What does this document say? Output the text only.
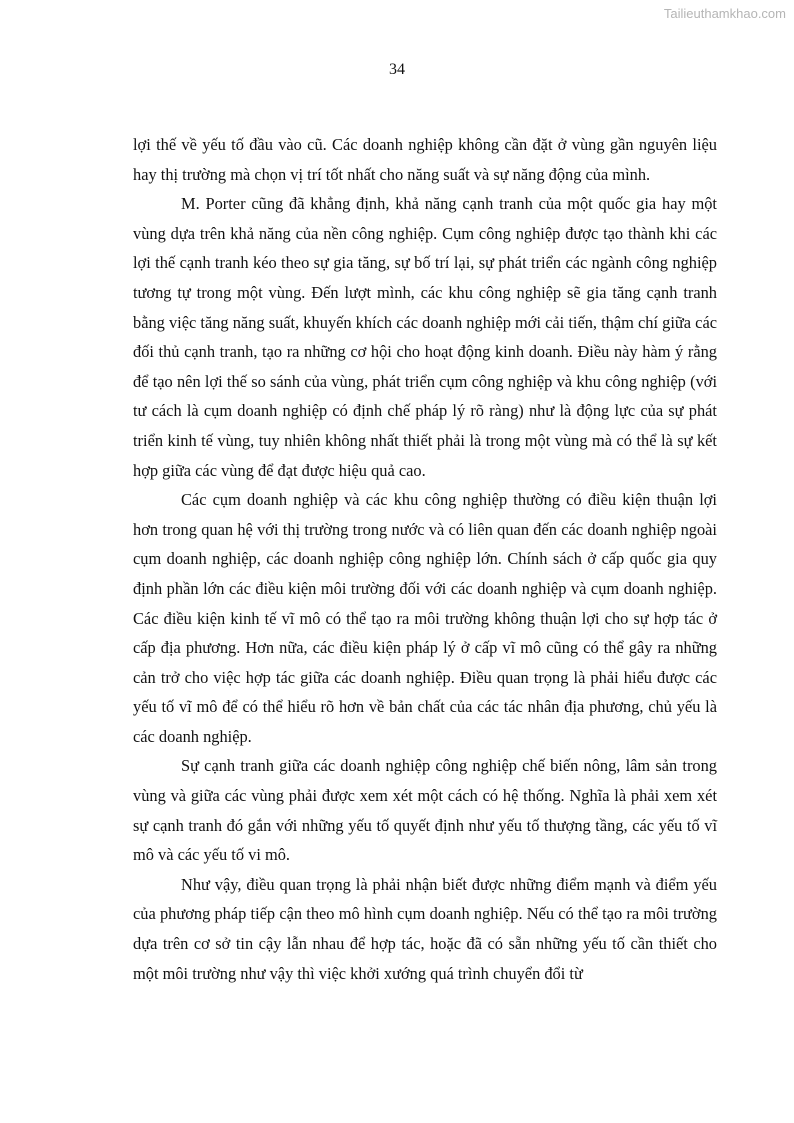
Tailieuthamkhao.com
34

lợi thế về yếu tố đầu vào cũ. Các doanh nghiệp không cần đặt ở vùng gần nguyên liệu hay thị trường mà chọn vị trí tốt nhất cho năng suất và sự năng động của mình.

M. Porter cũng đã khẳng định, khả năng cạnh tranh của một quốc gia hay một vùng dựa trên khả năng của nền công nghiệp. Cụm công nghiệp được tạo thành khi các lợi thế cạnh tranh kéo theo sự gia tăng, sự bố trí lại, sự phát triển các ngành công nghiệp tương tự trong một vùng. Đến lượt mình, các khu công nghiệp sẽ gia tăng cạnh tranh bằng việc tăng năng suất, khuyến khích các doanh nghiệp mới cải tiến, thậm chí giữa các đối thủ cạnh tranh, tạo ra những cơ hội cho hoạt động kinh doanh. Điều này hàm ý rằng để tạo nên lợi thế so sánh của vùng, phát triển cụm công nghiệp và khu công nghiệp (với tư cách là cụm doanh nghiệp có định chế pháp lý rõ ràng) như là động lực của sự phát triển kinh tế vùng, tuy nhiên không nhất thiết phải là trong một vùng mà có thể là sự kết hợp giữa các vùng để đạt được hiệu quả cao.

Các cụm doanh nghiệp và các khu công nghiệp thường có điều kiện thuận lợi hơn trong quan hệ với thị trường trong nước và có liên quan đến các doanh nghiệp ngoài cụm doanh nghiệp, các doanh nghiệp công nghiệp lớn. Chính sách ở cấp quốc gia quy định phần lớn các điều kiện môi trường đối với các doanh nghiệp và cụm doanh nghiệp. Các điều kiện kinh tế vĩ mô có thể tạo ra môi trường không thuận lợi cho sự hợp tác ở cấp địa phương. Hơn nữa, các điều kiện pháp lý ở cấp vĩ mô cũng có thể gây ra những cản trở cho việc hợp tác giữa các doanh nghiệp. Điều quan trọng là phải hiểu được các yếu tố vĩ mô để có thể hiểu rõ hơn về bản chất của các tác nhân địa phương, chủ yếu là các doanh nghiệp.

Sự cạnh tranh giữa các doanh nghiệp công nghiệp chế biến nông, lâm sản trong vùng và giữa các vùng phải được xem xét một cách có hệ thống. Nghĩa là phải xem xét sự cạnh tranh đó gắn với những yếu tố quyết định như yếu tố thượng tầng, các yếu tố vĩ mô và các yếu tố vi mô.

Như vậy, điều quan trọng là phải nhận biết được những điểm mạnh và điểm yếu của phương pháp tiếp cận theo mô hình cụm doanh nghiệp. Nếu có thể tạo ra môi trường dựa trên cơ sở tin cậy lẫn nhau để hợp tác, hoặc đã có sẵn những yếu tố cần thiết cho một môi trường như vậy thì việc khởi xướng quá trình chuyển đổi từ
